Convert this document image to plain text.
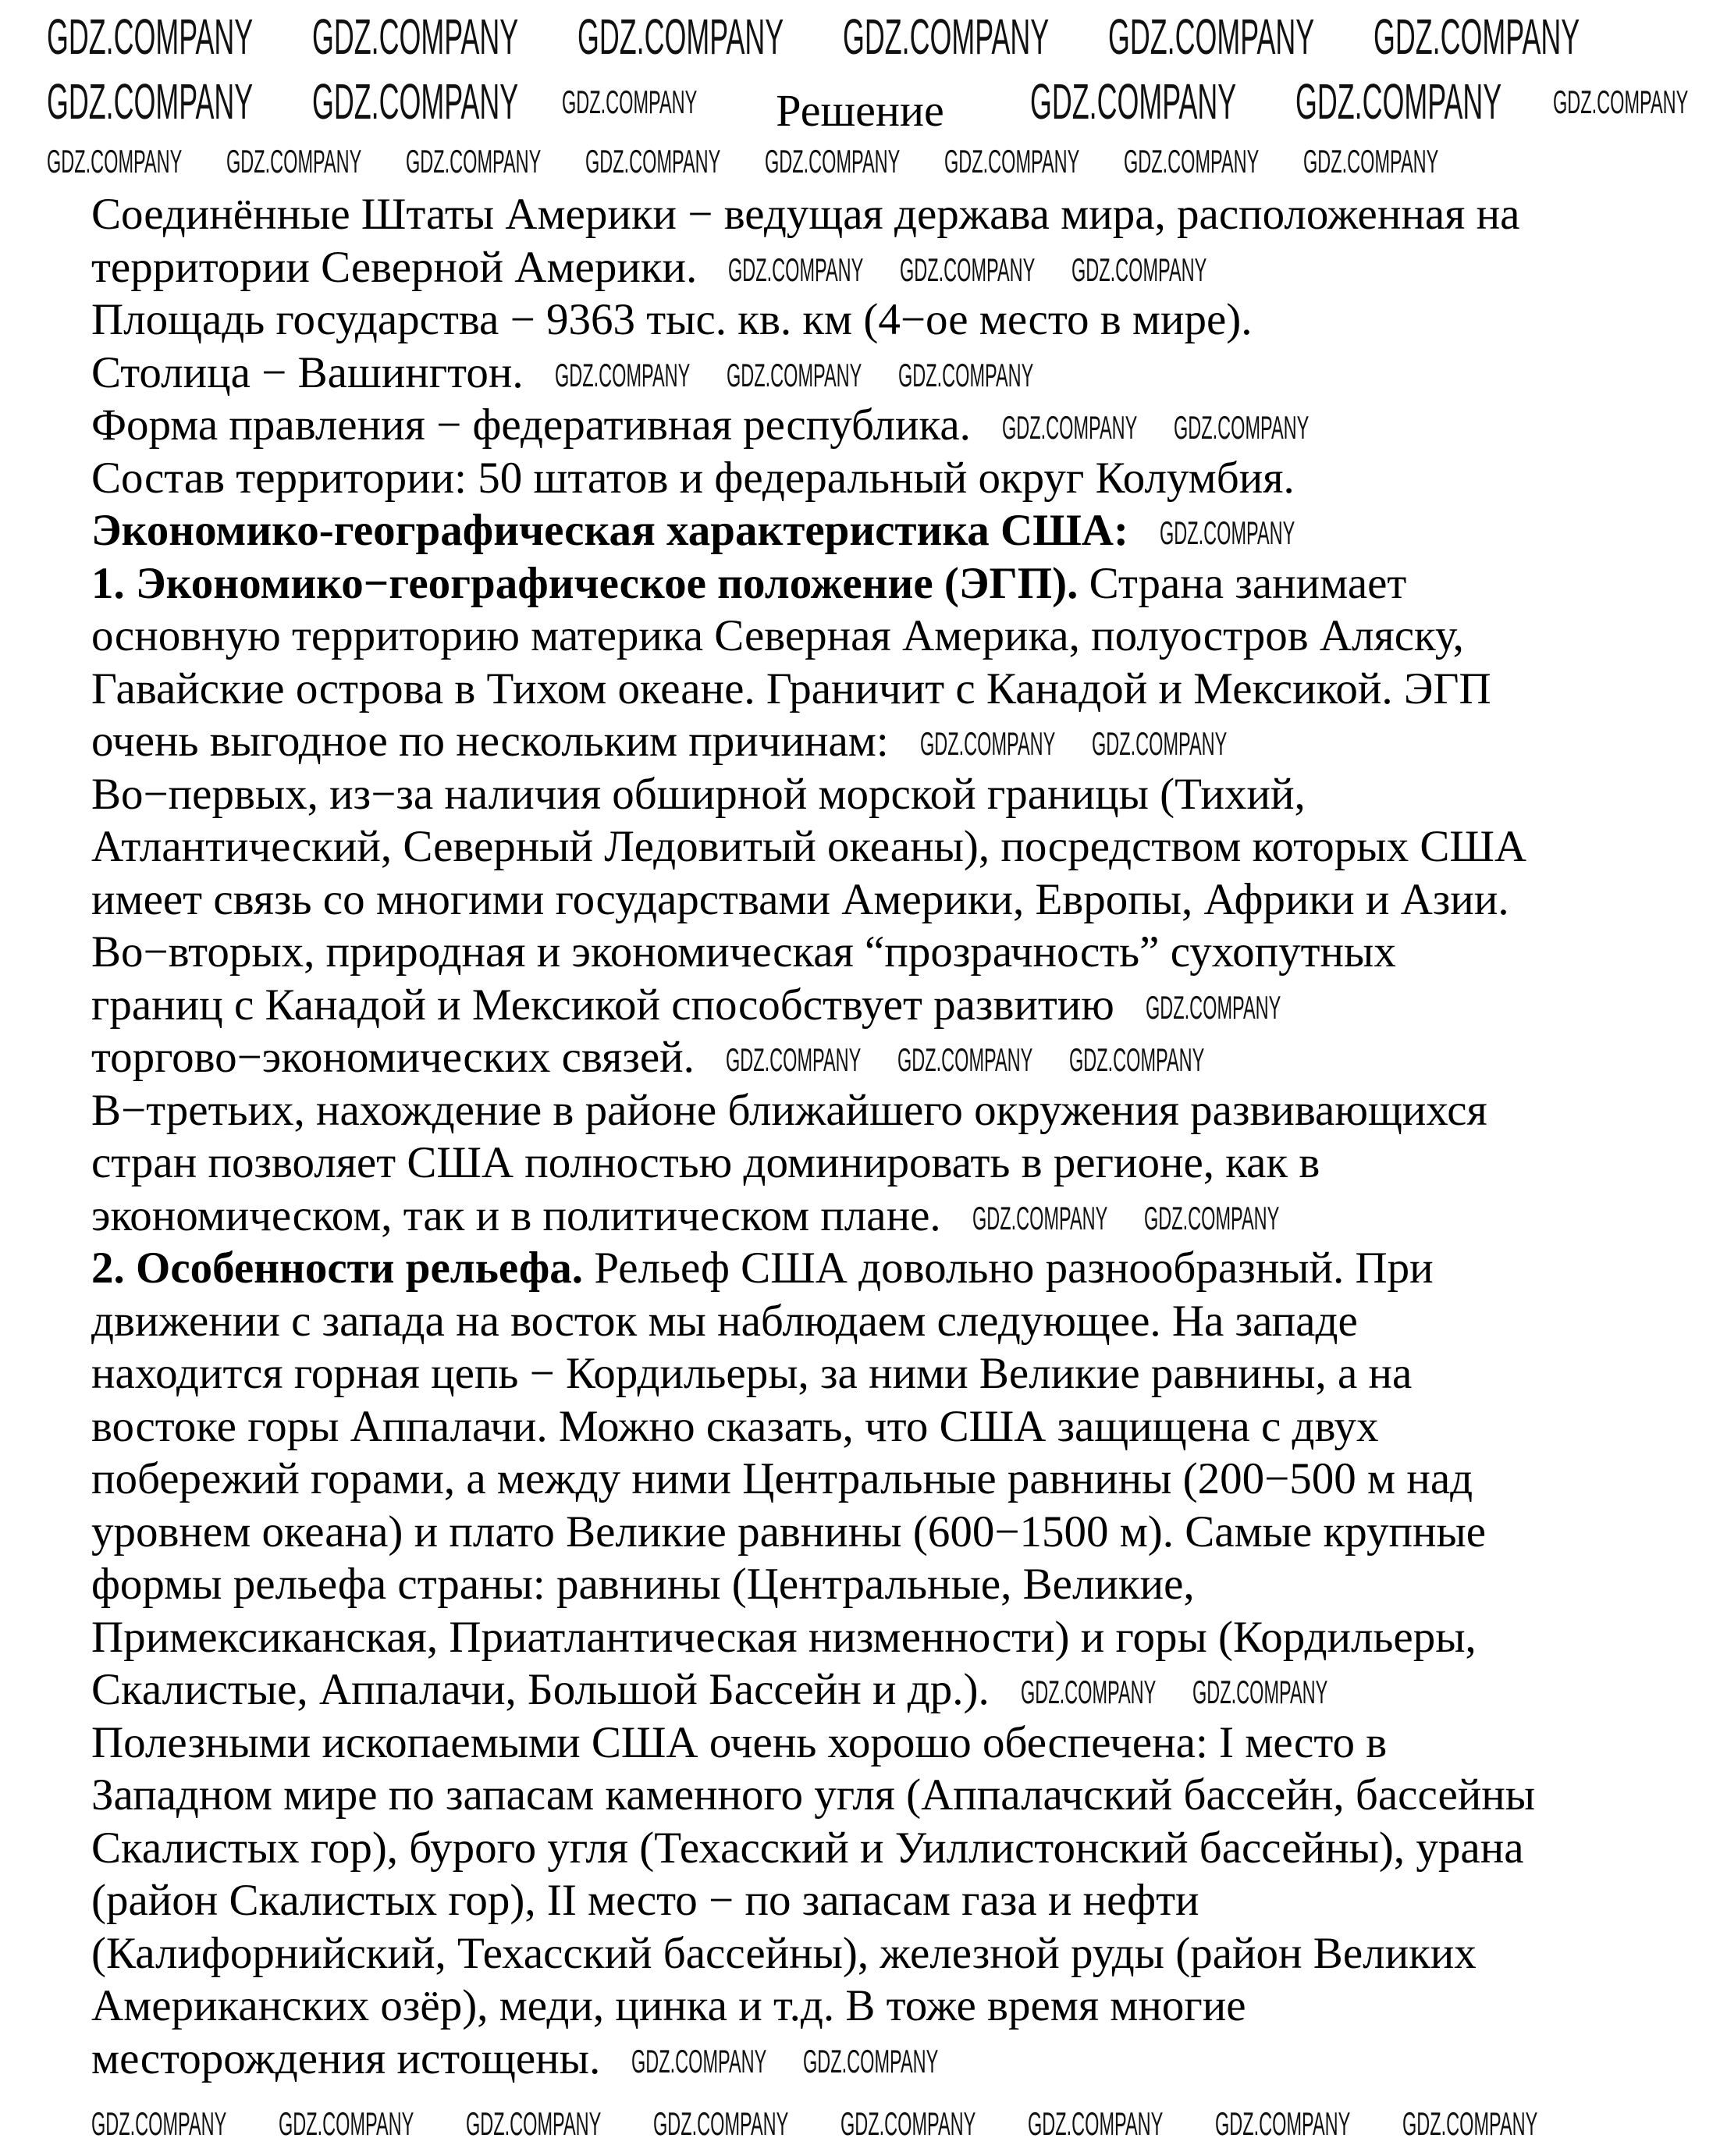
Решение
GDZ.COMPANY GDZ.COMPANY GDZ.COMPANY GDZ.COMPANY GDZ.COMPANY GDZ.COMPANY
GDZ.COMPANY GDZ.COMPANY GDZ.COMPANY	GDZ.COMPANY GDZ.COMPANY GDZ.COMPANY
GDZ.COMPANY GDZ.COMPANY GDZ.COMPANY GDZ.COMPANY GDZ.COMPANY GDZ.COMPANY GDZ.COMPANY GDZ.COMPANY
Соединённые Штаты Америки − ведущая держава мира, расположенная на
территории Северной Америки. GDZ.COMPANY GDZ.COMPANY GDZ.COMPANY
Площадь государства − 9363 тыс. кв. км (4−ое место в мире).
Столица − Вашингтон. GDZ.COMPANY GDZ.COMPANY GDZ.COMPANY
Форма правления − федеративная республика. GDZ.COMPANY GDZ.COMPANY
Состав территории: 50 штатов и федеральный округ Колумбия.
Экономико-географическая характеристика США: GDZ.COMPANY
1. Экономико−географическое положение (ЭГП). Страна занимает
основную территорию материка Северная Америка, полуостров Аляску,
Гавайские острова в Тихом океане. Граничит с Канадой и Мексикой. ЭГП
очень выгодное по нескольким причинам: GDZ.COMPANY GDZ.COMPANY
Во−первых, из−за наличия обширной морской границы (Тихий,
Атлантический, Северный Ледовитый океаны), посредством которых США
имеет связь со многими государствами Америки, Европы, Африки и Азии.
Во−вторых, природная и экономическая “прозрачность” сухопутных
границ с Канадой и Мексикой способствует развитию GDZ.COMPANY
торгово−экономических связей. GDZ.COMPANY GDZ.COMPANY GDZ.COMPANY
В−третьих, нахождение в районе ближайшего окружения развивающихся
стран позволяет США полностью доминировать в регионе, как в
экономическом, так и в политическом плане. GDZ.COMPANY GDZ.COMPANY
2. Особенности рельефа. Рельеф США довольно разнообразный. При
движении с запада на восток мы наблюдаем следующее. На западе
находится горная цепь − Кордильеры, за ними Великие равнины, а на
востоке горы Аппалачи. Можно сказать, что США защищена с двух
побережий горами, а между ними Центральные равнины (200−500 м над
уровнем океана) и плато Великие равнины (600−1500 м). Самые крупные
формы рельефа страны: равнины (Центральные, Великие,
Примексиканская, Приатлантическая низменности) и горы (Кордильеры,
Скалистые, Аппалачи, Большой Бассейн и др.). GDZ.COMPANY GDZ.COMPANY
Полезными ископаемыми США очень хорошо обеспечена: I место в
Западном мире по запасам каменного угля (Аппалачский бассейн, бассейны
Скалистых гор), бурого угля (Техасский и Уиллистонский бассейны), урана
(район Скалистых гор), II место − по запасам газа и нефти
(Калифорнийский, Техасский бассейны), железной руды (район Великих
Американских озёр), меди, цинка и т.д. В тоже время многие
месторождения истощены. GDZ.COMPANY GDZ.COMPANY
GDZ.COMPANY GDZ.COMPANY GDZ.COMPANY GDZ.COMPANY GDZ.COMPANY GDZ.COMPANY GDZ.COMPANY GDZ.COMPANY
